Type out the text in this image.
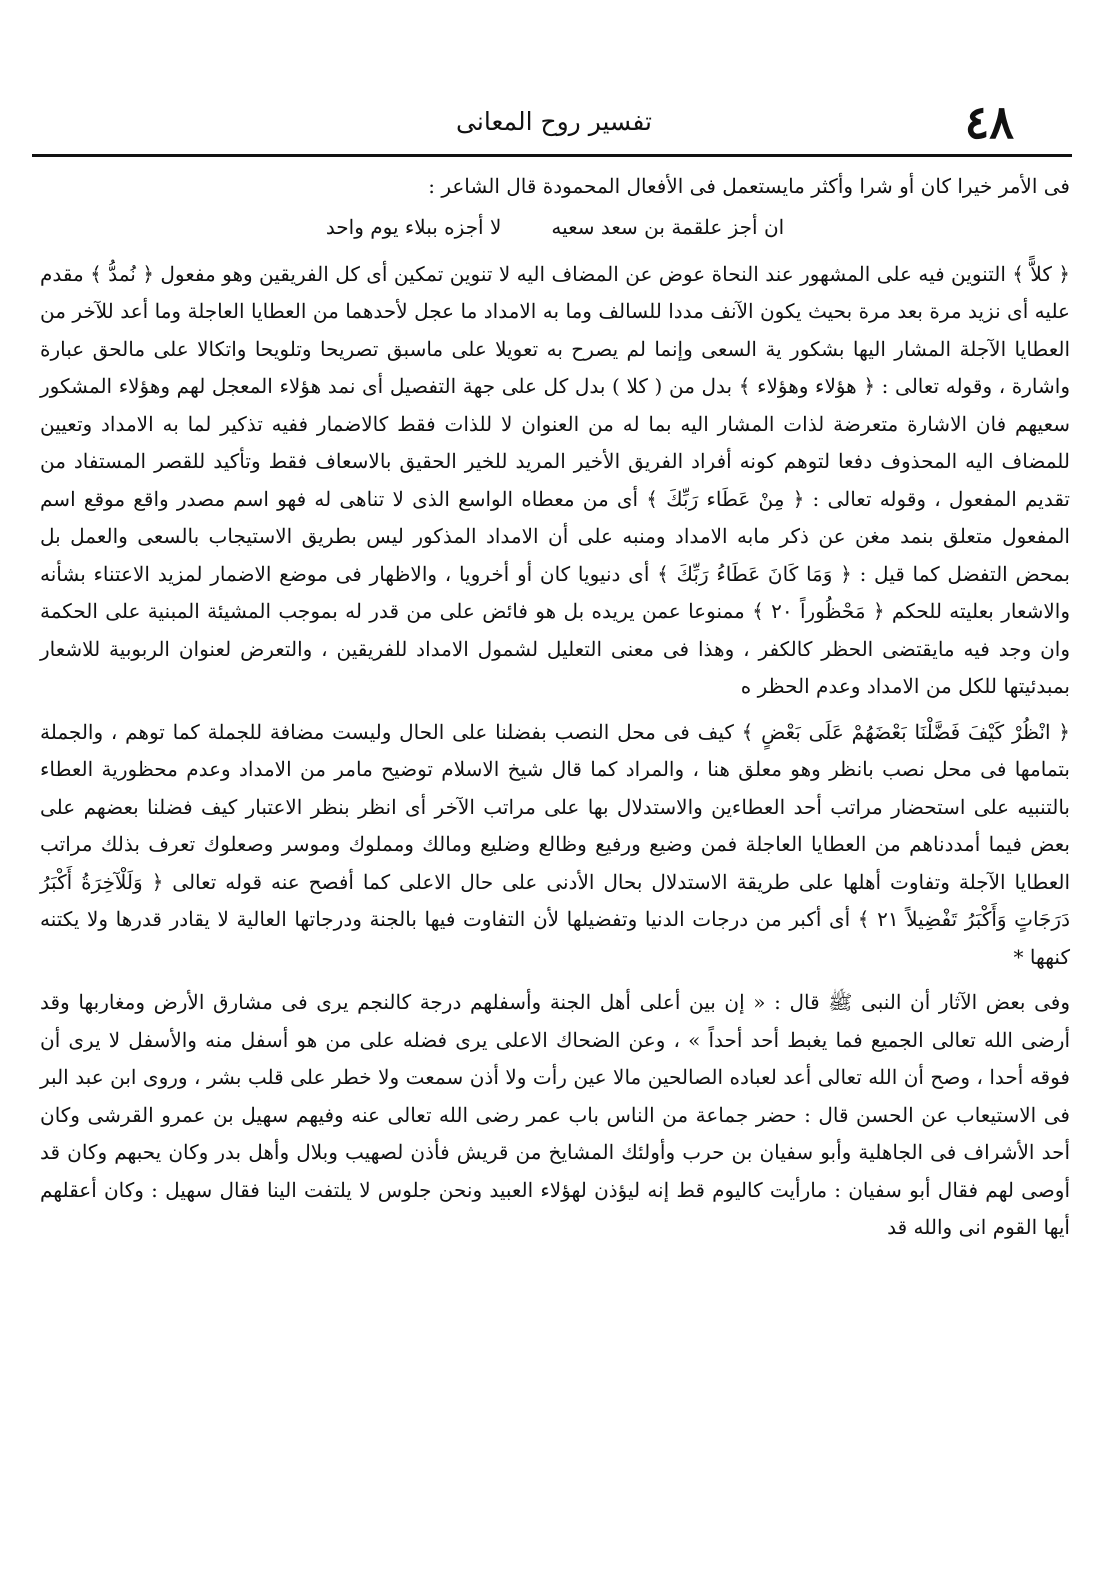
٤٨
تفسير روح المعانى

فى الأمر خيرا كان أو شرا وأكثر مايستعمل فى الأفعال المحمودة قال الشاعر :

ان أجز علقمة بن سعد سعيه
لا أجزه ببلاء يوم واحد

﴿ كلاًّ ﴾ التنوين فيه على المشهور عند النحاة عوض عن المضاف اليه لا تنوين تمكين أى كل الفريقين وهو مفعول ﴿ نُمدُّ ﴾ مقدم عليه أى نزيد مرة بعد مرة بحيث يكون الآنف مددا للسالف وما به الامداد ما عجل لأحدهما من العطايا العاجلة وما أعد للآخر من العطايا الآجلة المشار اليها بشكور ية السعى وإنما لم يصرح به تعويلا على ماسبق تصريحا وتلويحا واتكالا على مالحق عبارة واشارة ، وقوله تعالى : ﴿ هؤلاء وهؤلاء ﴾ بدل من ( كلا ) بدل كل على جهة التفصيل أى نمد هؤلاء المعجل لهم وهؤلاء المشكور سعيهم فان الاشارة متعرضة لذات المشار اليه بما له من العنوان لا للذات فقط كالاضمار ففيه تذكير لما به الامداد وتعيين للمضاف اليه المحذوف دفعا لتوهم كونه أفراد الفريق الأخير المريد للخير الحقيق بالاسعاف فقط وتأكيد للقصر المستفاد من تقديم المفعول ، وقوله تعالى : ﴿ مِنْ عَطَاء رَبِّكَ ﴾ أى من معطاه الواسع الذى لا تناهى له فهو اسم مصدر واقع موقع اسم المفعول متعلق بنمد مغن عن ذكر مابه الامداد ومنبه على أن الامداد المذكور ليس بطريق الاستيجاب بالسعى والعمل بل بمحض التفضل كما قيل : ﴿ وَمَا كَانَ عَطَاءُ رَبِّكَ ﴾ أى دنيويا كان أو أخرويا ، والاظهار فى موضع الاضمار لمزيد الاعتناء بشأنه والاشعار بعليته للحكم ﴿ مَحْظُوراً ٢٠ ﴾ ممنوعا عمن يريده بل هو فائض على من قدر له بموجب المشيئة المبنية على الحكمة وان وجد فيه مايقتضى الحظر كالكفر ، وهذا فى معنى التعليل لشمول الامداد للفريقين ، والتعرض لعنوان الربوبية للاشعار بمبدئيتها للكل من الامداد وعدم الحظر ه

﴿ انْظُرْ كَيْفَ فَضَّلْنَا بَعْضَهُمْ عَلَى بَعْضٍ ﴾ كيف فى محل النصب بفضلنا على الحال وليست مضافة للجملة كما توهم ، والجملة بتمامها فى محل نصب بانظر وهو معلق هنا ، والمراد كما قال شيخ الاسلام توضيح مامر من الامداد وعدم محظورية العطاء بالتنبيه على استحضار مراتب أحد العطاءين والاستدلال بها على مراتب الآخر أى انظر بنظر الاعتبار كيف فضلنا بعضهم على بعض فيما أمددناهم من العطايا العاجلة فمن وضيع ورفيع وظالع وضليع ومالك ومملوك وموسر وصعلوك تعرف بذلك مراتب العطايا الآجلة وتفاوت أهلها على طريقة الاستدلال بحال الأدنى على حال الاعلى كما أفصح عنه قوله تعالى ﴿ وَلَلْآخِرَةُ أَكْبَرُ دَرَجَاتٍ وَأَكْبَرُ تَفْضِيلاً ٢١ ﴾ أى أكبر من درجات الدنيا وتفضيلها لأن التفاوت فيها بالجنة ودرجاتها العالية لا يقادر قدرها ولا يكتنه كنهها *

وفى بعض الآثار أن النبى ﷺ قال : « إن بين أعلى أهل الجنة وأسفلهم درجة كالنجم يرى فى مشارق الأرض ومغاربها وقد أرضى الله تعالى الجميع فما يغبط أحد أحداً » ، وعن الضحاك الاعلى يرى فضله على من هو أسفل منه والأسفل لا يرى أن فوقه أحدا ، وصح أن الله تعالى أعد لعباده الصالحين مالا عين رأت ولا أذن سمعت ولا خطر على قلب بشر ، وروى ابن عبد البر فى الاستيعاب عن الحسن قال : حضر جماعة من الناس باب عمر رضى الله تعالى عنه وفيهم سهيل بن عمرو القرشى وكان أحد الأشراف فى الجاهلية وأبو سفيان بن حرب وأولئك المشايخ من قريش فأذن لصهيب وبلال وأهل بدر وكان يحبهم وكان قد أوصى لهم فقال أبو سفيان : مارأيت كاليوم قط إنه ليؤذن لهؤلاء العبيد ونحن جلوس لا يلتفت الينا فقال سهيل : وكان أعقلهم أيها القوم انى والله قد
